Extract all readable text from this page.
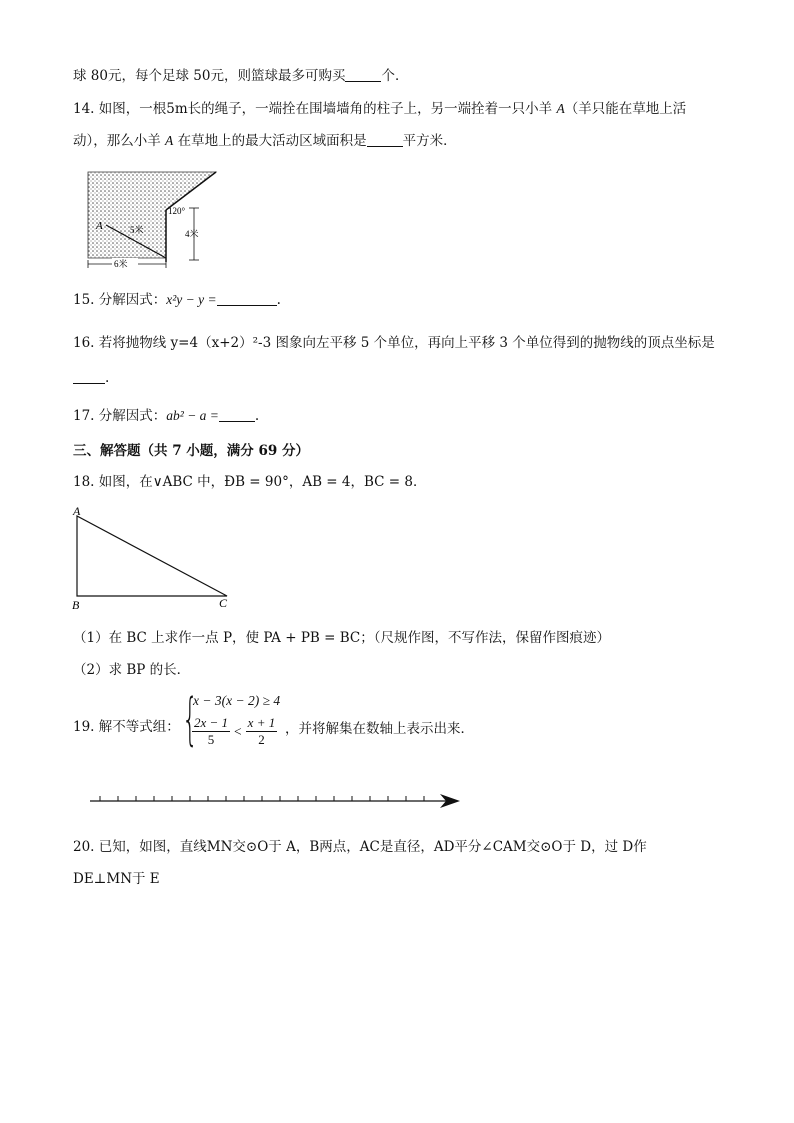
球 80元，每个足球 50元，则篮球最多可购买	个．
14. 如图，一根5m长的绳子，一端拴在围墙墙角的柱子上，另一端拴着一只小羊 A（羊只能在草地上活
动），那么小羊 A 在草地上的最大活动区域面积是	平方米．
A	5米
120°
4米
6米
15. 分解因式：x²y − y =	.
16. 若将抛物线 y=4（x+2）²-3 图象向左平移 5 个单位，再向上平移 3 个单位得到的抛物线的顶点坐标是
.
17. 分解因式：ab² − a =	.
三、解答题（共 7 小题，满分 69 分）
18. 如图，在∨ABC 中，ÐB = 90°，AB = 4，BC = 8．
A
B	C
（1）在 BC 上求作一点 P，使 PA + PB = BC；（尺规作图，不写作法，保留作图痕迹）
（2）求 BP 的长．
19. 解不等式组： {
x − 3(x − 2) ≥ 4
2x − 1
5
<
x + 1
2
，并将解集在数轴上表示出来．
20. 已知，如图，直线MN交⊙O于 A，B两点，AC是直径，AD平分∠CAM交⊙O于 D，过 D作
DE⊥MN于 E
